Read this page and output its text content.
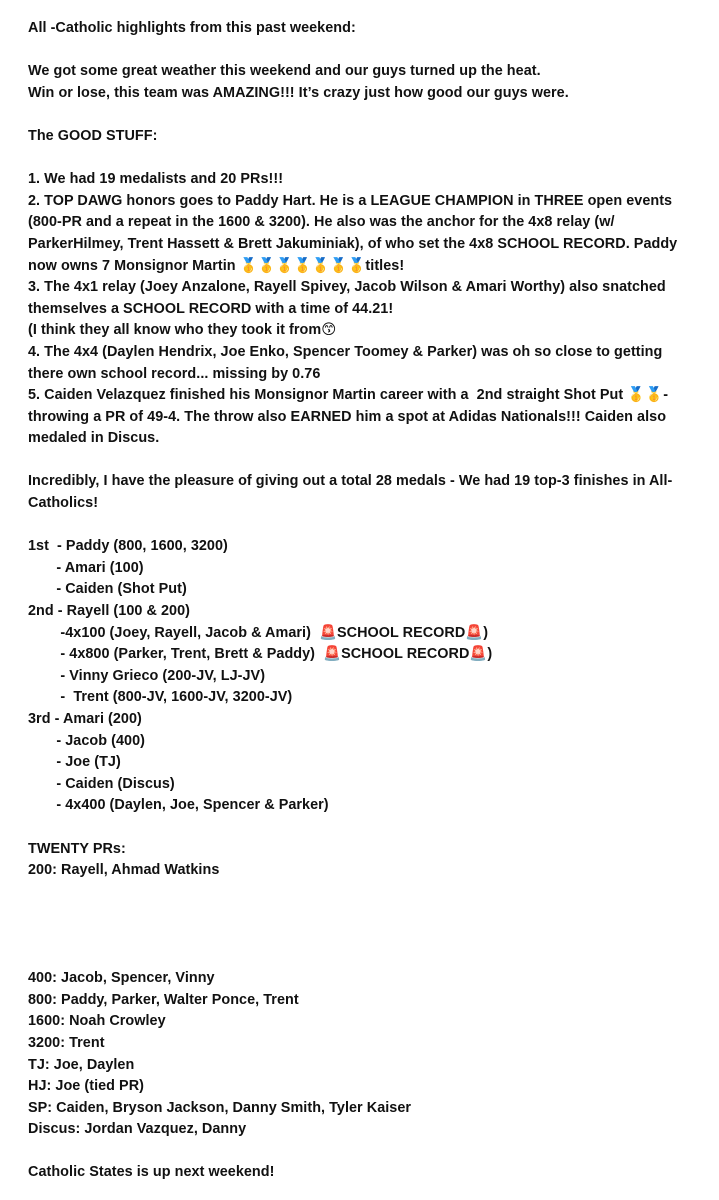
All -Catholic highlights from this past weekend:
We got some great weather this weekend and our guys turned up the heat.
Win or lose, this team was AMAZING!!! It’s crazy just how good our guys were.
The GOOD STUFF:
1. We had 19 medalists and 20 PRs!!!
2. TOP DAWG honors goes to Paddy Hart. He is a LEAGUE CHAMPION in THREE open events
(800-PR and a repeat in the 1600 & 3200). He also was the anchor for the 4x8 relay (w/
ParkerHilmey, Trent Hassett & Brett Jakuminiak), of who set the 4x8 SCHOOL RECORD. Paddy
now owns 7 Monsignor Martin 🥇🥇🥇🥇🥇🥇🥇titles!
3. The 4x1 relay (Joey Anzalone, Rayell Spivey, Jacob Wilson & Amari Worthy) also snatched
themselves a SCHOOL RECORD with a time of 44.21!
(I think they all know who they took it from😙
4. The 4x4 (Daylen Hendrix, Joe Enko, Spencer Toomey & Parker) was oh so close to getting
there own school record... missing by 0.76
5. Caiden Velazquez finished his Monsignor Martin career with a  2nd straight Shot Put 🥇🥇-
throwing a PR of 49-4. The throw also EARNED him a spot at Adidas Nationals!!! Caiden also
medaled in Discus.
Incredibly, I have the pleasure of giving out a total 28 medals - We had 19 top-3 finishes in All-
Catholics!
1st  - Paddy (800, 1600, 3200)
- Amari (100)
- Caiden (Shot Put)
2nd - Rayell (100 & 200)
-4x100 (Joey, Rayell, Jacob & Amari)  🚨SCHOOL RECORD🚨)
- 4x800 (Parker, Trent, Brett & Paddy)  🚨SCHOOL RECORD🚨)
- Vinny Grieco (200-JV, LJ-JV)
-  Trent (800-JV, 1600-JV, 3200-JV)
3rd - Amari (200)
- Jacob (400)
- Joe (TJ)
- Caiden (Discus)
- 4x400 (Daylen, Joe, Spencer & Parker)
TWENTY PRs:
200: Rayell, Ahmad Watkins
400: Jacob, Spencer, Vinny
800: Paddy, Parker, Walter Ponce, Trent
1600: Noah Crowley
3200: Trent
TJ: Joe, Daylen
HJ: Joe (tied PR)
SP: Caiden, Bryson Jackson, Danny Smith, Tyler Kaiser
Discus: Jordan Vazquez, Danny
Catholic States is up next weekend!
